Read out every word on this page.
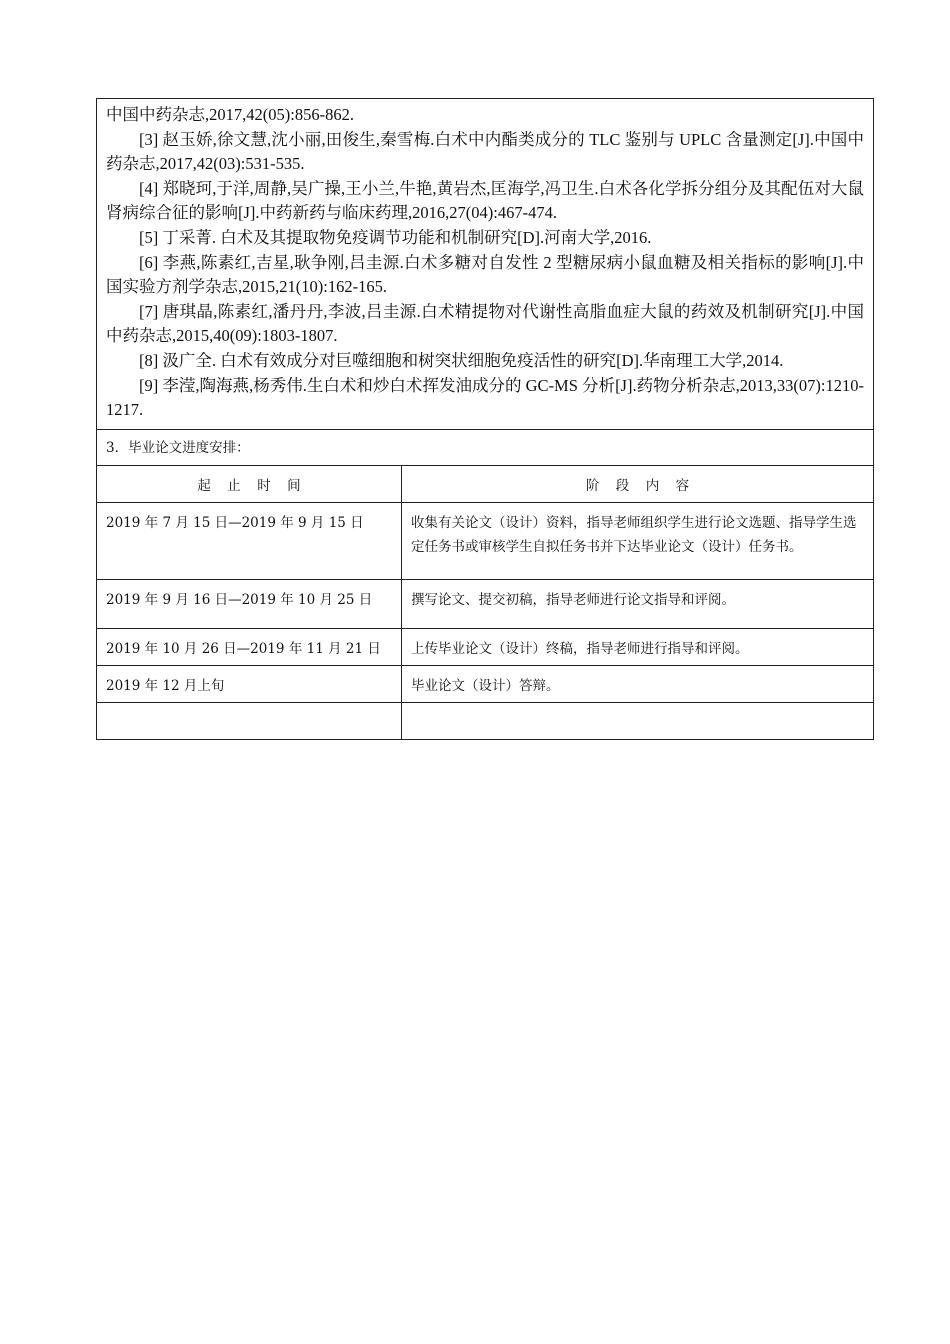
中国中药杂志,2017,42(05):856-862.

[3] 赵玉娇,徐文慧,沈小丽,田俊生,秦雪梅.白术中内酯类成分的 TLC 鉴别与 UPLC 含量测定[J].中国中药杂志,2017,42(03):531-535.

[4] 郑晓珂,于洋,周静,吴广操,王小兰,牛艳,黄岩杰,匡海学,冯卫生.白术各化学拆分组分及其配伍对大鼠肾病综合征的影响[J].中药新药与临床药理,2016,27(04):467-474.

[5] 丁采菁. 白术及其提取物免疫调节功能和机制研究[D].河南大学,2016.

[6] 李燕,陈素红,吉星,耿争刚,吕圭源.白术多糖对自发性 2 型糖尿病小鼠血糖及相关指标的影响[J].中国实验方剂学杂志,2015,21(10):162-165.

[7] 唐琪晶,陈素红,潘丹丹,李波,吕圭源.白术精提物对代谢性高脂血症大鼠的药效及机制研究[J].中国中药杂志,2015,40(09):1803-1807.

[8] 汲广全. 白术有效成分对巨噬细胞和树突状细胞免疫活性的研究[D].华南理工大学,2014.

[9] 李滢,陶海燕,杨秀伟.生白术和炒白术挥发油成分的 GC-MS 分析[J].药物分析杂志,2013,33(07):1210-1217.

3．毕业论文进度安排：
起 止 时 间	阶 段 内 容

2019 年 7 月 15 日—2019 年 9 月 15 日	收集有关论文（设计）资料，指导老师组织学生进行论文选题、指导学生选定任务书或审核学生自拟任务书并下达毕业论文（设计）任务书。

2019 年 9 月 16 日—2019 年 10 月 25 日	撰写论文、提交初稿，指导老师进行论文指导和评阅。

2019 年 10 月 26 日—2019 年 11 月 21 日	上传毕业论文（设计）终稿，指导老师进行指导和评阅。

2019 年 12 月上旬	毕业论文（设计）答辩。
